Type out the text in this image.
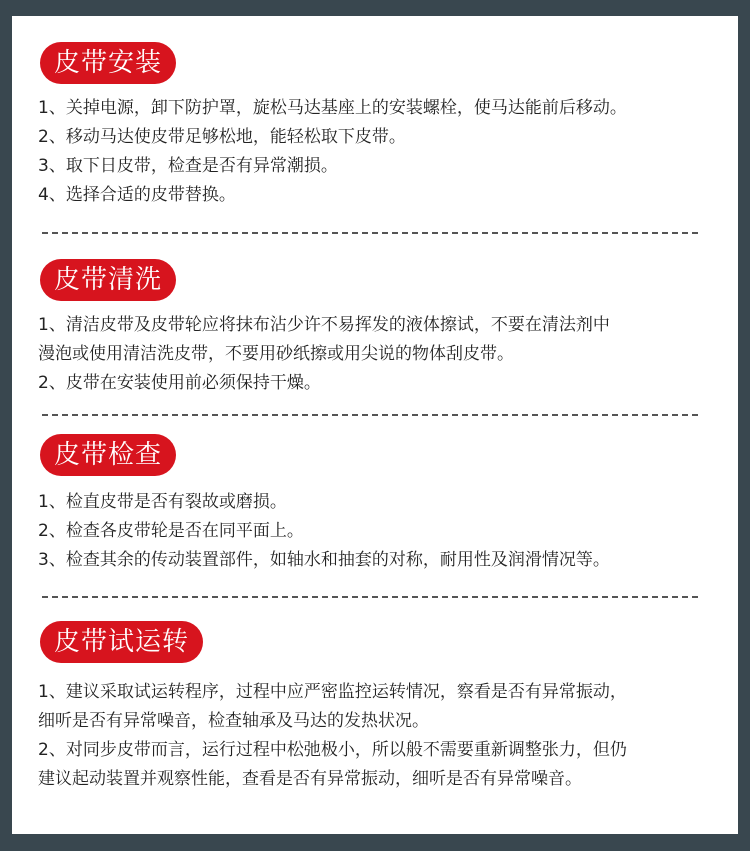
皮带安装
1、关掉电源，卸下防护罩，旋松马达基座上的安装螺栓，使马达能前后移动。
2、移动马达使皮带足够松地，能轻松取下皮带。
3、取下日皮带，检查是否有异常潮损。
4、选择合适的皮带替换。
皮带清洗
1、清洁皮带及皮带轮应将抹布沾少许不易挥发的液体擦试，不要在清法剂中
漫泡或使用清洁洗皮带，不要用砂纸擦或用尖说的物体刮皮带。
2、皮带在安装使用前必须保持干燥。
皮带检查
1、检直皮带是否有裂故或磨损。
2、检查各皮带轮是否在同平面上。
3、检查其余的传动装置部件，如轴水和抽套的对称，耐用性及润滑情况等。
皮带试运转
1、建议采取试运转程序，过程中应严密监控运转情况，察看是否有异常振动，
细听是否有异常噪音，检查轴承及马达的发热状况。
2、对同步皮带而言，运行过程中松弛极小，所以般不需要重新调整张力，但仍
建议起动装置并观察性能，查看是否有异常振动，细听是否有异常噪音。
